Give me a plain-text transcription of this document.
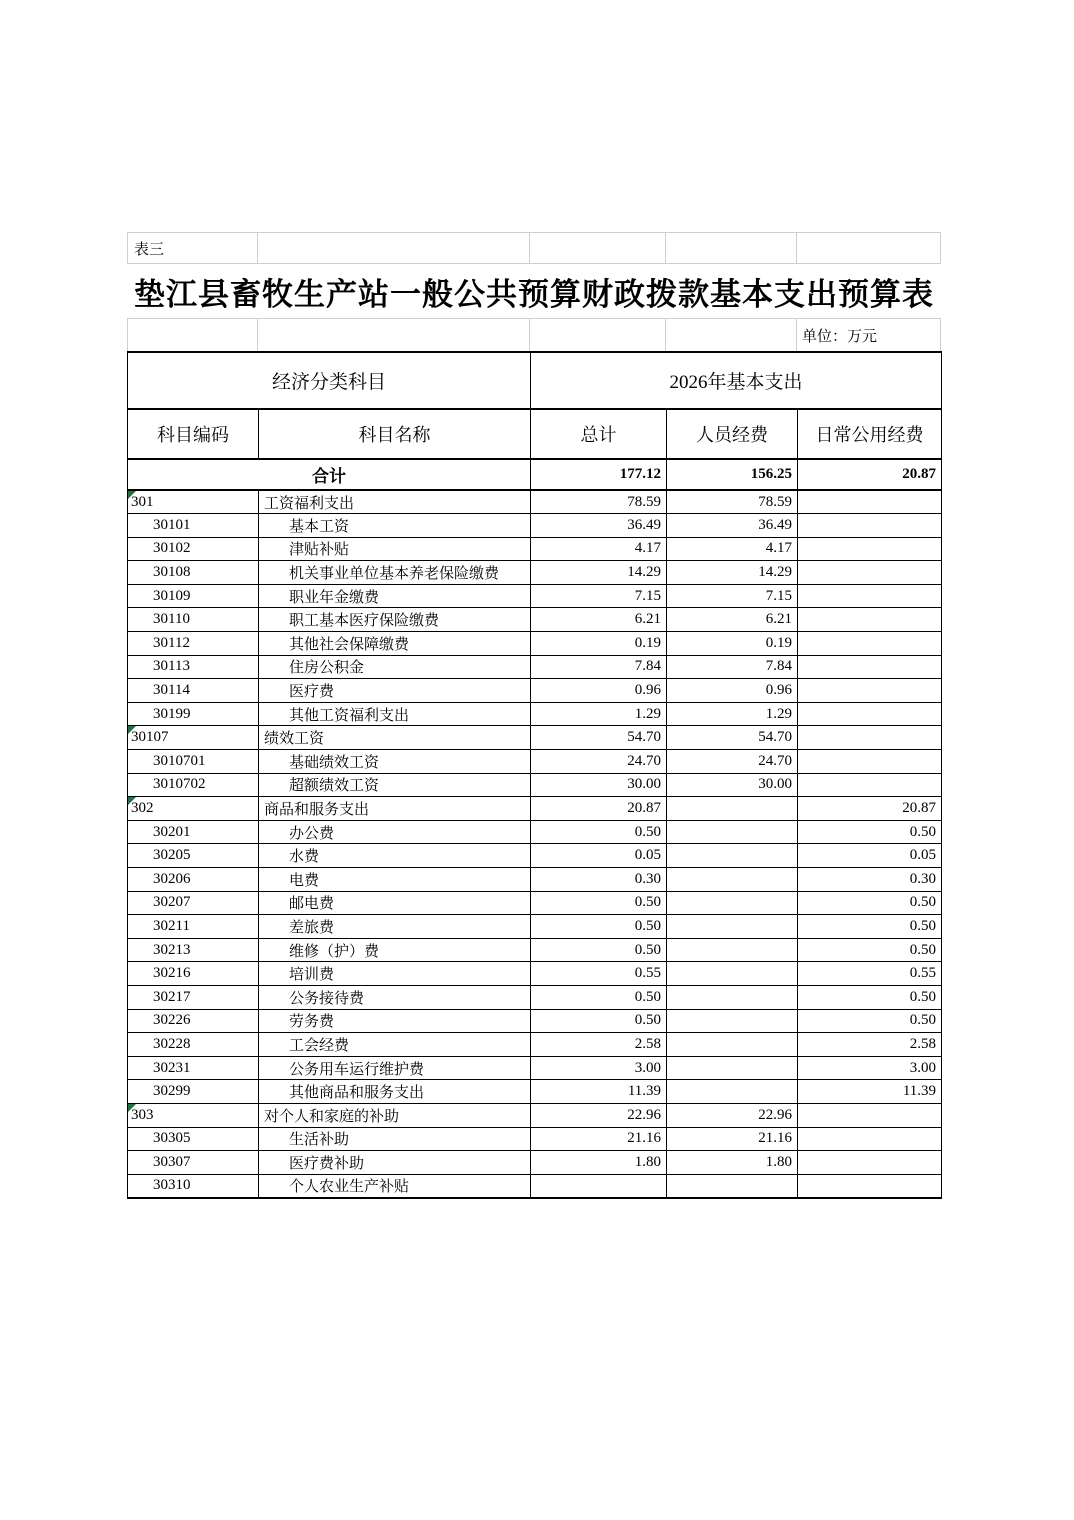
表三
垫江县畜牧生产站一般公共预算财政拨款基本支出预算表
单位：万元
经济分类科目		2026年基本支出		
科目编码	科目名称	总计	人员经费	日常公用经费
合计		177.12	156.25	20.87

301	工资福利支出	78.59	78.59	
30101	基本工资	36.49	36.49	
30102	津贴补贴	4.17	4.17	
30108	机关事业单位基本养老保险缴费	14.29	14.29	
30109	职业年金缴费	7.15	7.15	
30110	职工基本医疗保险缴费	6.21	6.21	
30112	其他社会保障缴费	0.19	0.19	
30113	住房公积金	7.84	7.84	
30114	医疗费	0.96	0.96	
30199	其他工资福利支出	1.29	1.29	

30107	绩效工资	54.70	54.70	
3010701	基础绩效工资	24.70	24.70	
3010702	超额绩效工资	30.00	30.00	

302	商品和服务支出	20.87		20.87
30201	办公费	0.50		0.50
30205	水费	0.05		0.05
30206	电费	0.30		0.30
30207	邮电费	0.50		0.50
30211	差旅费	0.50		0.50
30213	维修（护）费	0.50		0.50
30216	培训费	0.55		0.55
30217	公务接待费	0.50		0.50
30226	劳务费	0.50		0.50
30228	工会经费	2.58		2.58
30231	公务用车运行维护费	3.00		3.00
30299	其他商品和服务支出	11.39		11.39

303	对个人和家庭的补助	22.96	22.96	
30305	生活补助	21.16	21.16	
30307	医疗费补助	1.80	1.80	
30310	个人农业生产补贴			
